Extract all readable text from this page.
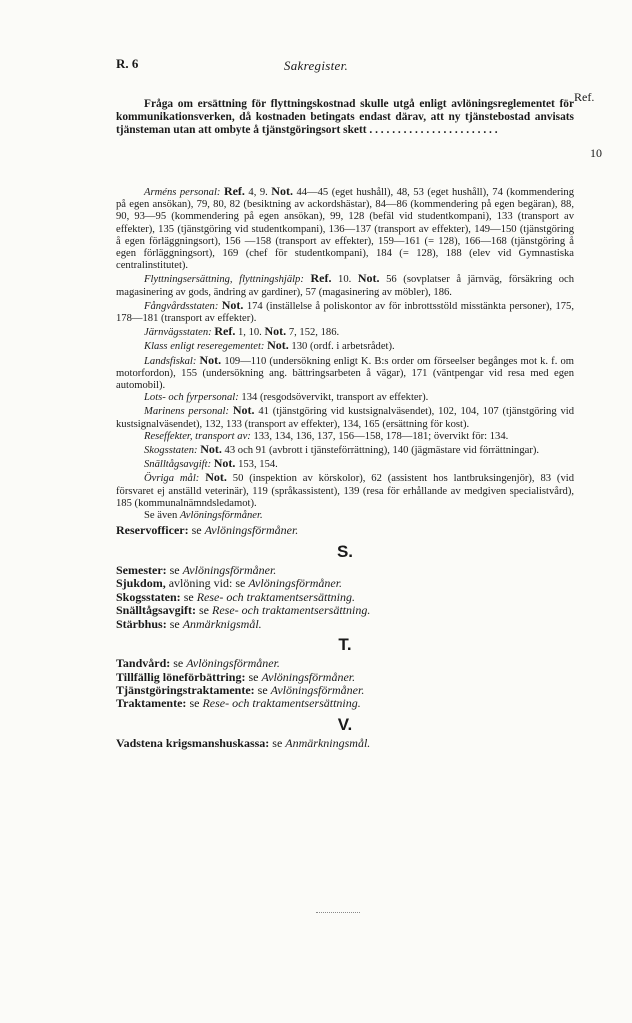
R. 6	Sakregister.
Ref.
Fråga om ersättning för flyttningskostnad skulle utgå enligt avlöningsreglementet för kommunikationsverken, då kostnaden betingats endast därav, att ny tjänstebostad anvisats tjänsteman utan att ombyte å tjänstgöringsort skett . . . . . . . . . . . . . . . . . . . . . . .
10

Arméns personal: Ref. 4, 9. Not. 44—45 (eget hushåll), 48, 53 (eget hushåll), 74 (kommendering på egen ansökan), 79, 80, 82 (besiktning av ackordshästar), 84—86 (kommendering på egen begäran), 88, 90, 93—95 (kommendering på egen ansökan), 99, 128 (befäl vid studentkompani), 133 (transport av effekter), 135 (tjänstgöring vid studentkompani), 136—137 (transport av effekter), 149—150 (tjänstgöring å egen förläggningsort), 156 —158 (transport av effekter), 159—161 (= 128), 166—168 (tjänstgöring å egen förläggningsort), 169 (chef för studentkompani), 184 (= 128), 188 (elev vid Gymnastiska centralinstitutet).

Flyttningsersättning, flyttningshjälp: Ref. 10. Not. 56 (sovplatser å järnväg, försäkring och magasinering av gods, ändring av gardiner), 57 (magasinering av möbler), 186.

Fångvårdsstaten: Not. 174 (inställelse å poliskontor av för inbrottsstöld misstänkta personer), 175, 178—181 (transport av effekter).

Järnvägsstaten: Ref. 1, 10. Not. 7, 152, 186.

Klass enligt reseregementet: Not. 130 (ordf. i arbetsrådet).

Landsfiskal: Not. 109—110 (undersökning enligt K. B:s order om förseelser begånges mot k. f. om motorfordon), 155 (undersökning ang. bättringsarbeten å vägar), 171 (väntpengar vid resa med egen automobil).

Lots- och fyrpersonal: 134 (resgodsövervikt, transport av effekter).

Marinens personal: Not. 41 (tjänstgöring vid kustsignalväsendet), 102, 104, 107 (tjänstgöring vid kustsignalväsendet), 132, 133 (transport av effekter), 134, 165 (ersättning för kost).

Reseffekter, transport av: 133, 134, 136, 137, 156—158, 178—181; övervikt för: 134.

Skogsstaten: Not. 43 och 91 (avbrott i tjänsteförrättning), 140 (jägmästare vid förrättningar).

Snälltågsavgift: Not. 153, 154.

Övriga mål: Not. 50 (inspektion av körskolor), 62 (assistent hos lantbruksingenjör), 83 (vid försvaret ej anställd veterinär), 119 (språkassistent), 139 (resa för erhållande av medgiven specialistvård), 185 (kommunalnämndsledamot).

Se även Avlöningsförmåner.

Reservofficer: se Avlöningsförmåner.

S.

Semester: se Avlöningsförmåner.

Sjukdom, avlöning vid: se Avlöningsförmåner.

Skogsstaten: se Rese- och traktamentsersättning.

Snälltågsavgift: se Rese- och traktamentsersättning.

Stärbhus: se Anmärknigsmål.

T.

Tandvård: se Avlöningsförmåner.

Tillfällig löneförbättring: se Avlöningsförmåner.

Tjänstgöringstraktamente: se Avlöningsförmåner.

Traktamente: se Rese- och traktamentsersättning.

V.

Vadstena krigsmanshuskassa: se Anmärkningsmål.
